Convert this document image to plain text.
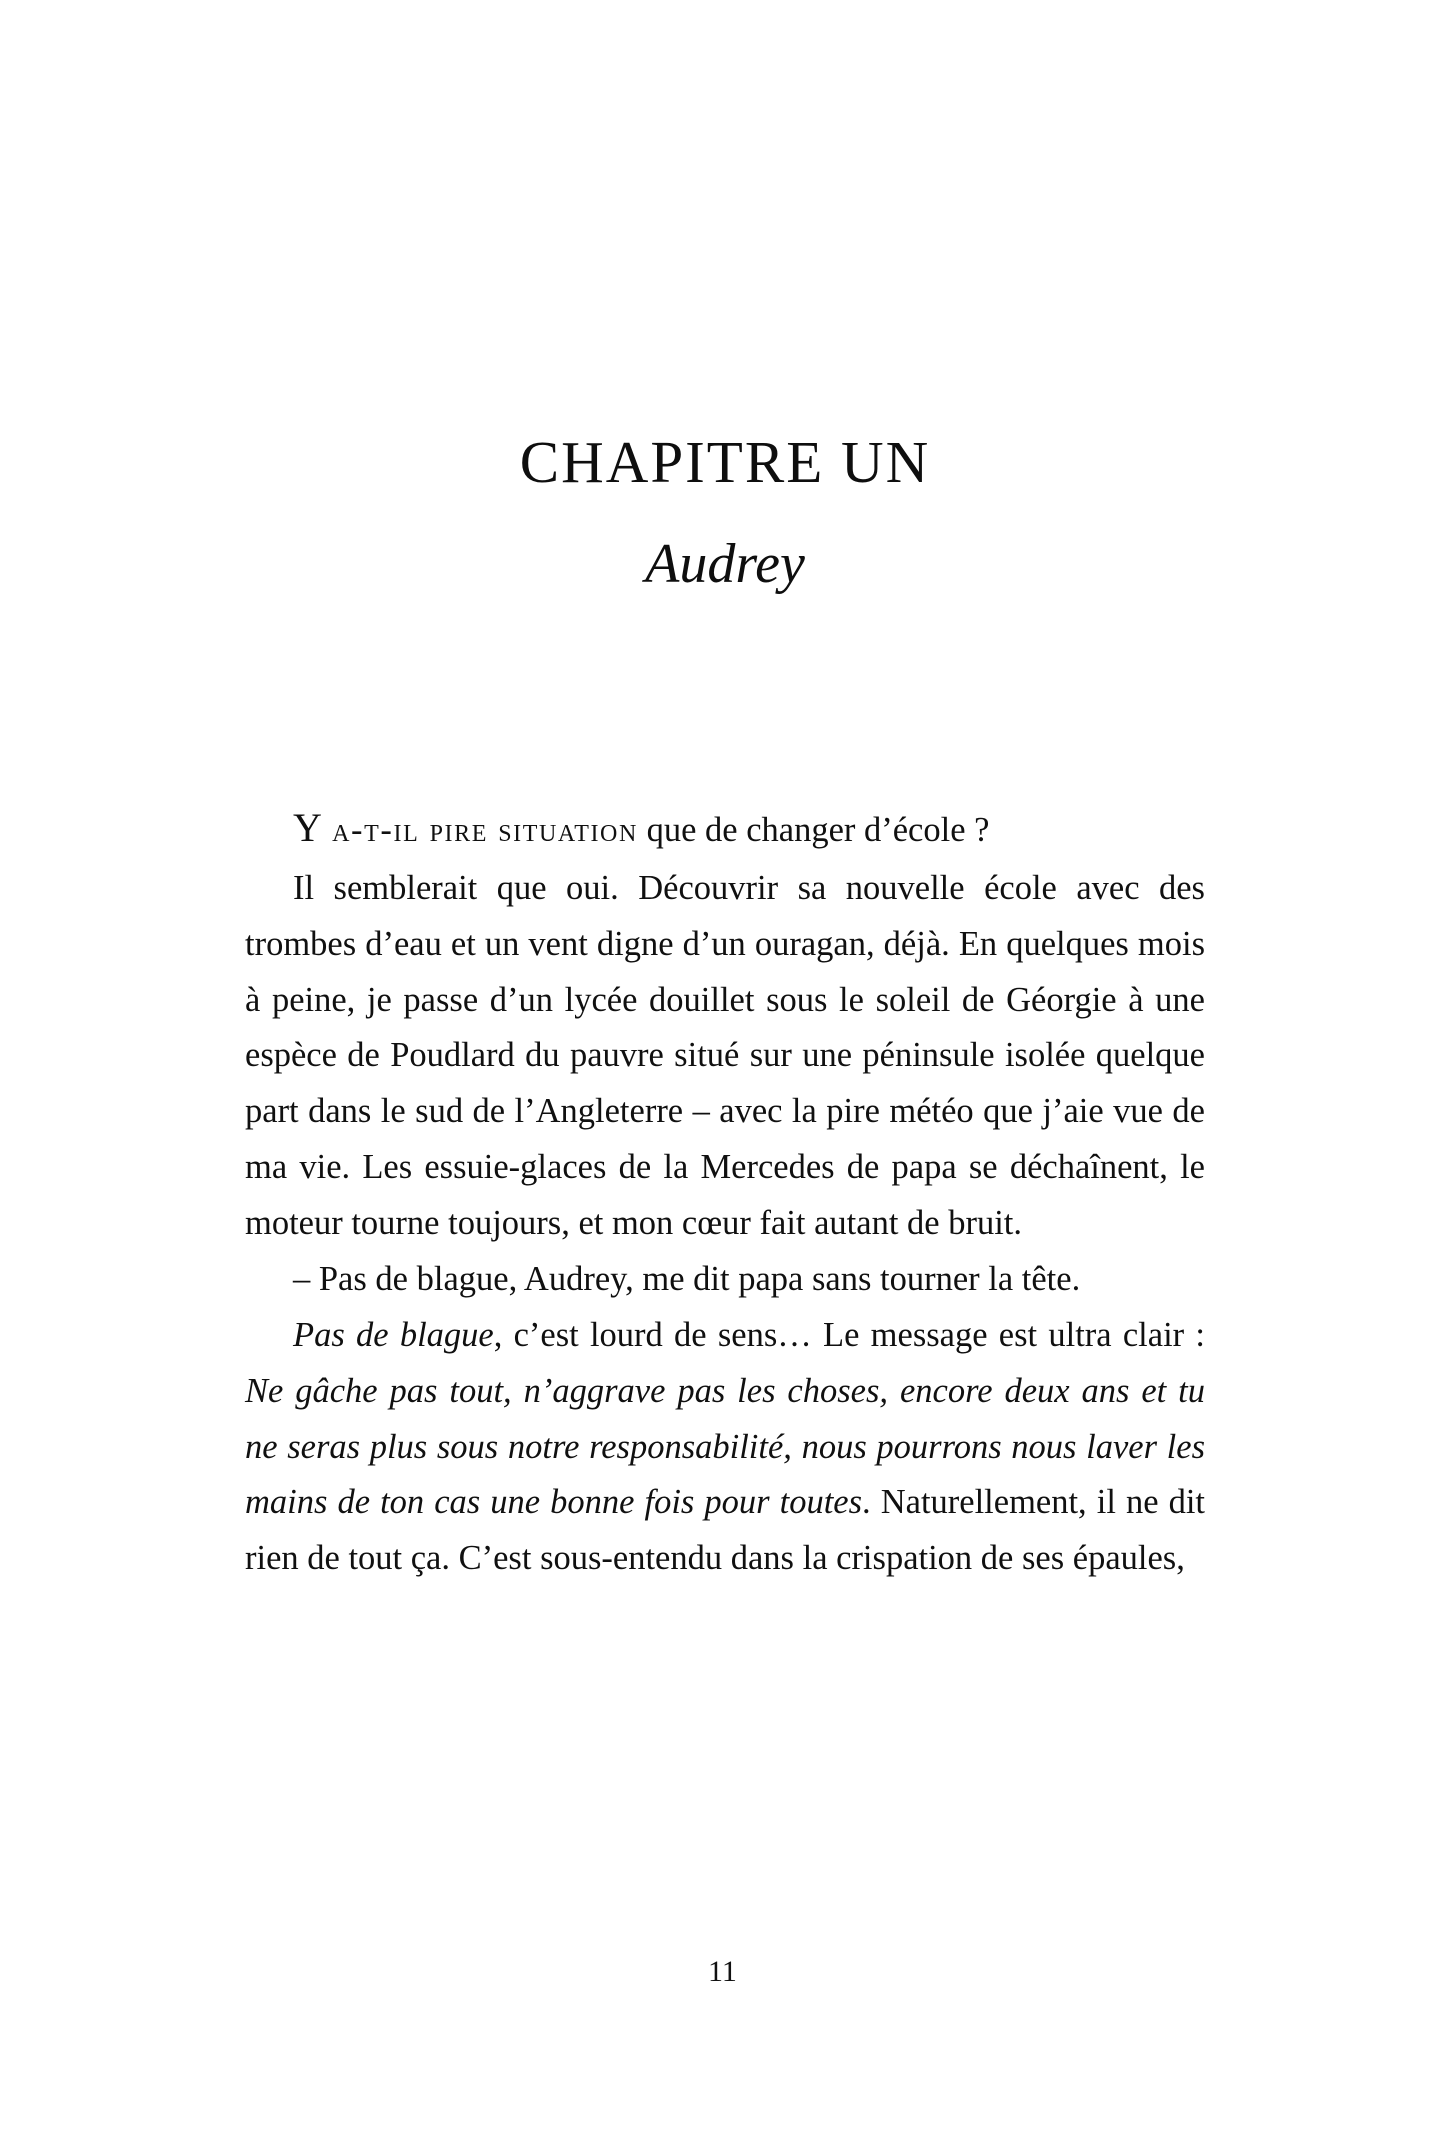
CHAPITRE UN
Audrey

Y a-t-il pire situation que de changer d’école ?

Il semblerait que oui. Découvrir sa nouvelle école avec des trombes d’eau et un vent digne d’un ouragan, déjà. En quelques mois à peine, je passe d’un lycée douillet sous le soleil de Géorgie à une espèce de Poudlard du pauvre situé sur une péninsule isolée quelque part dans le sud de l’Angleterre – avec la pire météo que j’aie vue de ma vie. Les essuie-glaces de la Mercedes de papa se déchaînent, le moteur tourne toujours, et mon cœur fait autant de bruit.

– Pas de blague, Audrey, me dit papa sans tourner la tête.

Pas de blague, c’est lourd de sens… Le message est ultra clair : Ne gâche pas tout, n’aggrave pas les choses, encore deux ans et tu ne seras plus sous notre responsabilité, nous pourrons nous laver les mains de ton cas une bonne fois pour toutes. Naturellement, il ne dit rien de tout ça. C’est sous-entendu dans la crispation de ses épaules,

11
